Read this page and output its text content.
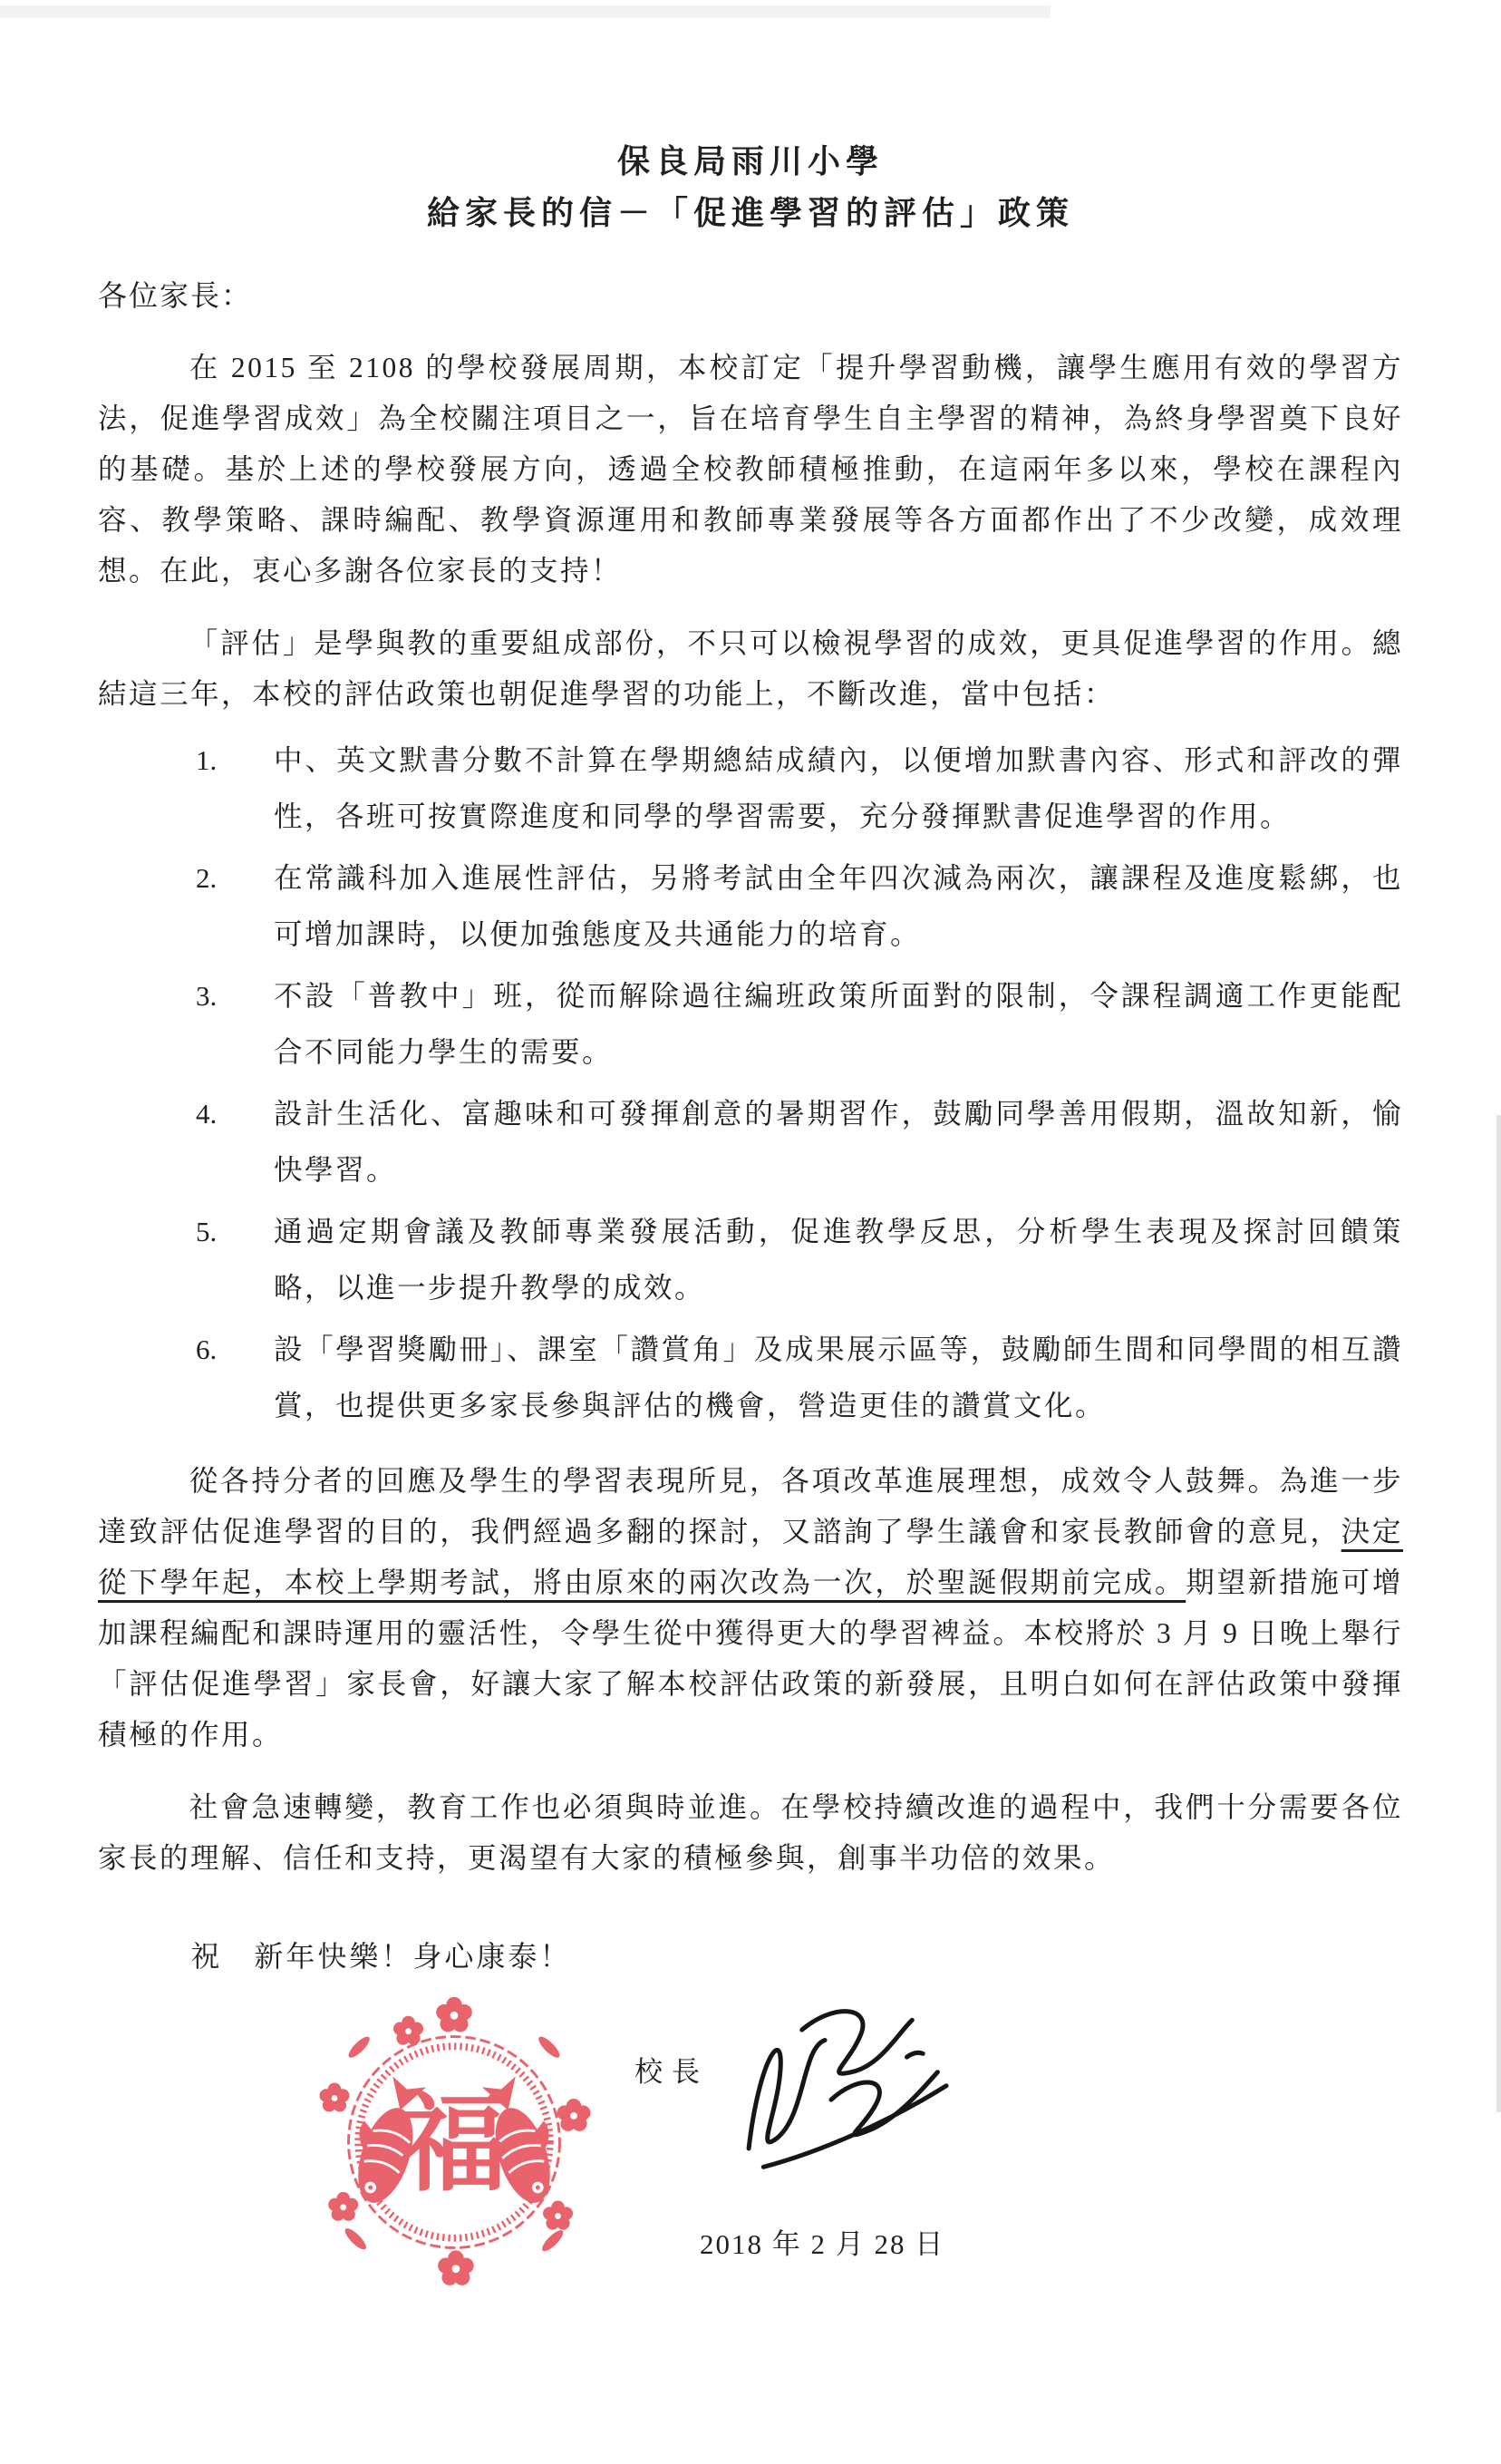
保良局雨川小學
給家長的信－「促進學習的評估」政策

各位家長：

在 2015 至 2108 的學校發展周期，本校訂定「提升學習動機，讓學生應用有效的學習方法，促進學習成效」為全校關注項目之一，旨在培育學生自主學習的精神，為終身學習奠下良好的基礎。基於上述的學校發展方向，透過全校教師積極推動，在這兩年多以來，學校在課程內容、教學策略、課時編配、教學資源運用和教師專業發展等各方面都作出了不少改變，成效理想。在此，衷心多謝各位家長的支持！

「評估」是學與教的重要組成部份，不只可以檢視學習的成效，更具促進學習的作用。總結這三年，本校的評估政策也朝促進學習的功能上，不斷改進，當中包括：

1.	中、英文默書分數不計算在學期總結成績內，以便增加默書內容、形式和評改的彈性，各班可按實際進度和同學的學習需要，充分發揮默書促進學習的作用。
2.	在常識科加入進展性評估，另將考試由全年四次減為兩次，讓課程及進度鬆綁，也可增加課時，以便加強態度及共通能力的培育。
3.	不設「普教中」班，從而解除過往編班政策所面對的限制，令課程調適工作更能配合不同能力學生的需要。
4.	設計生活化、富趣味和可發揮創意的暑期習作，鼓勵同學善用假期，溫故知新，愉快學習。
5.	通過定期會議及教師專業發展活動，促進教學反思，分析學生表現及探討回饋策略，以進一步提升教學的成效。
6.	設「學習獎勵冊」、課室「讚賞角」及成果展示區等，鼓勵師生間和同學間的相互讚賞，也提供更多家長參與評估的機會，營造更佳的讚賞文化。

從各持分者的回應及學生的學習表現所見，各項改革進展理想，成效令人鼓舞。為進一步達致評估促進學習的目的，我們經過多翻的探討，又諮詢了學生議會和家長教師會的意見，決定從下學年起，本校上學期考試，將由原來的兩次改為一次，於聖誕假期前完成。期望新措施可增加課程編配和課時運用的靈活性，令學生從中獲得更大的學習裨益。本校將於 3 月 9 日晚上舉行「評估促進學習」家長會，好讓大家了解本校評估政策的新發展，且明白如何在評估政策中發揮積極的作用。

社會急速轉變，教育工作也必須與時並進。在學校持續改進的過程中，我們十分需要各位家長的理解、信任和支持，更渴望有大家的積極參與，創事半功倍的效果。

祝　新年快樂！身心康泰！

福
校長
2018 年 2 月 28 日
